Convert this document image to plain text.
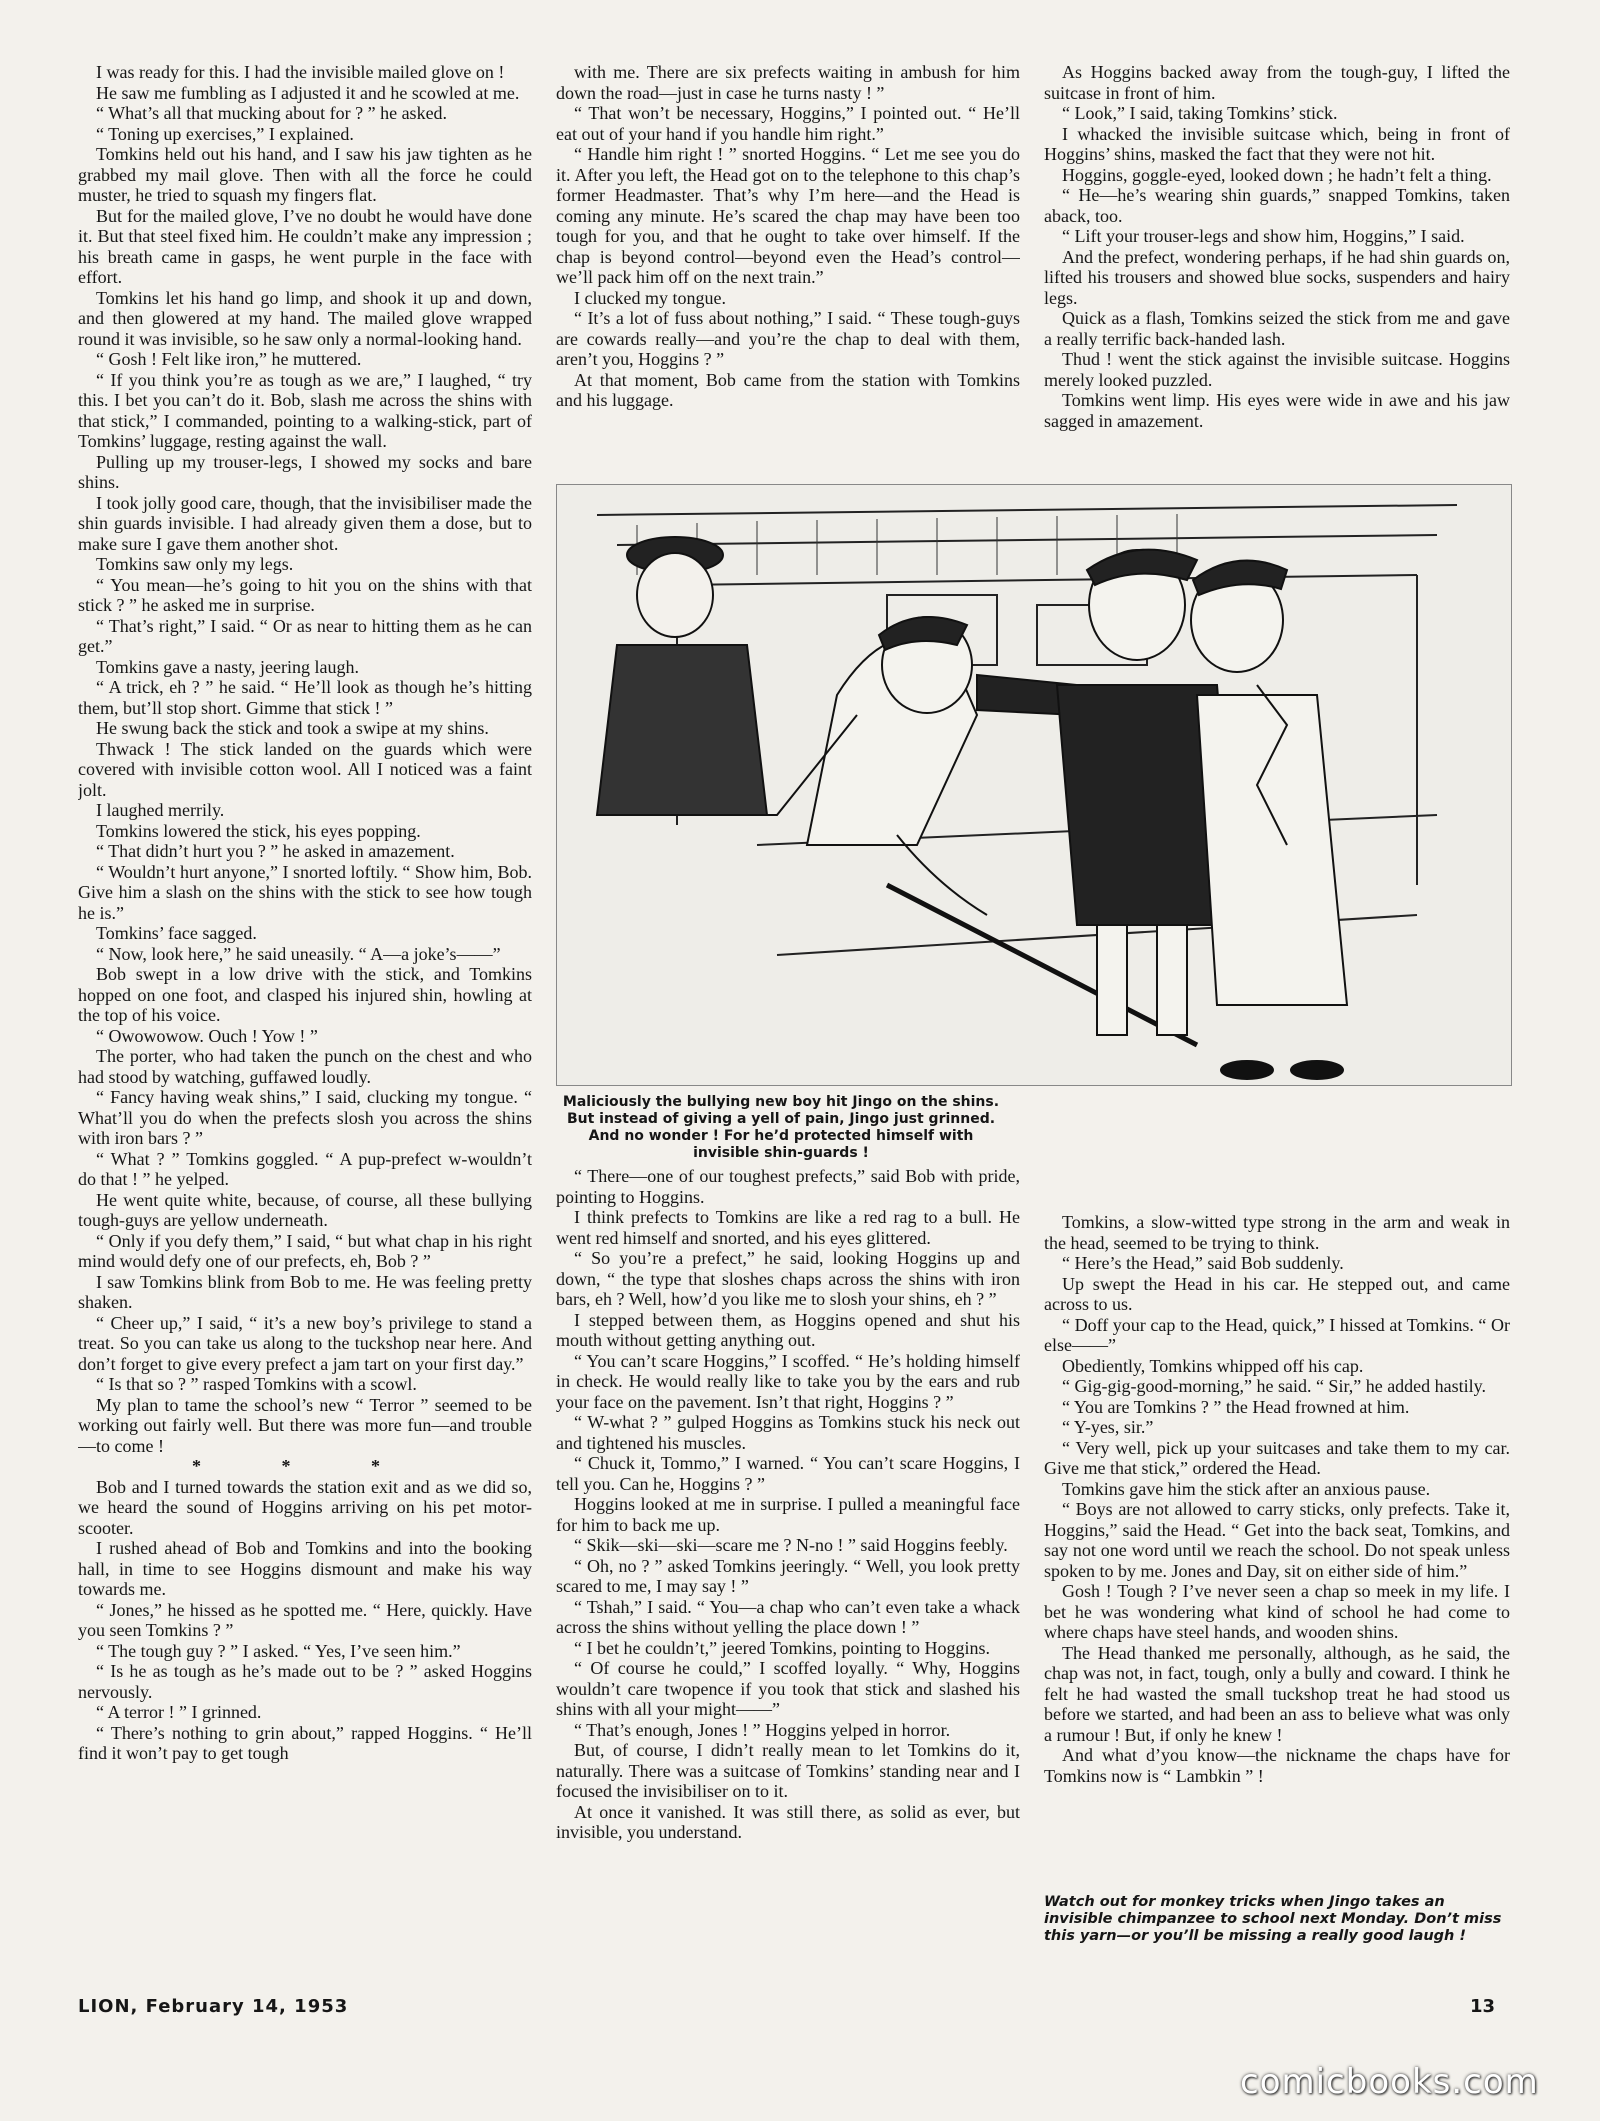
I was ready for this. I had the invisible mailed glove on !

He saw me fumbling as I adjusted it and he scowled at me.

“ What’s all that mucking about for ? ” he asked.

“ Toning up exercises,” I explained.

Tomkins held out his hand, and I saw his jaw tighten as he grabbed my mail glove. Then with all the force he could muster, he tried to squash my fingers flat.

But for the mailed glove, I’ve no doubt he would have done it. But that steel fixed him. He couldn’t make any impression ; his breath came in gasps, he went purple in the face with effort.

Tomkins let his hand go limp, and shook it up and down, and then glowered at my hand. The mailed glove wrapped round it was invisible, so he saw only a normal-looking hand.

“ Gosh ! Felt like iron,” he muttered.

“ If you think you’re as tough as we are,” I laughed, “ try this. I bet you can’t do it. Bob, slash me across the shins with that stick,” I commanded, pointing to a walking-stick, part of Tomkins’ luggage, resting against the wall.

Pulling up my trouser-legs, I showed my socks and bare shins.

I took jolly good care, though, that the invisibiliser made the shin guards invisible. I had already given them a dose, but to make sure I gave them another shot.

Tomkins saw only my legs.

“ You mean—he’s going to hit you on the shins with that stick ? ” he asked me in surprise.

“ That’s right,” I said. “ Or as near to hitting them as he can get.”

Tomkins gave a nasty, jeering laugh.

“ A trick, eh ? ” he said. “ He’ll look as though he’s hitting them, but’ll stop short. Gimme that stick ! ”

He swung back the stick and took a swipe at my shins.

Thwack ! The stick landed on the guards which were covered with invisible cotton wool. All I noticed was a faint jolt.

I laughed merrily.

Tomkins lowered the stick, his eyes popping.

“ That didn’t hurt you ? ” he asked in amazement.

“ Wouldn’t hurt anyone,” I snorted loftily. “ Show him, Bob. Give him a slash on the shins with the stick to see how tough he is.”

Tomkins’ face sagged.

“ Now, look here,” he said uneasily. “ A—a joke’s——”

Bob swept in a low drive with the stick, and Tomkins hopped on one foot, and clasped his injured shin, howling at the top of his voice.

“ Owowowow. Ouch ! Yow ! ”

The porter, who had taken the punch on the chest and who had stood by watching, guffawed loudly.

“ Fancy having weak shins,” I said, clucking my tongue. “ What’ll you do when the prefects slosh you across the shins with iron bars ? ”

“ What ? ” Tomkins goggled. “ A pup-prefect w-wouldn’t do that ! ” he yelped.

He went quite white, because, of course, all these bullying tough-guys are yellow underneath.

“ Only if you defy them,” I said, “ but what chap in his right mind would defy one of our prefects, eh, Bob ? ”

I saw Tomkins blink from Bob to me. He was feeling pretty shaken.

“ Cheer up,” I said, “ it’s a new boy’s privilege to stand a treat. So you can take us along to the tuckshop near here. And don’t forget to give every prefect a jam tart on your first day.”

“ Is that so ? ” rasped Tomkins with a scowl.

My plan to tame the school’s new “ Terror ” seemed to be working out fairly well. But there was more fun—and trouble—to come !

* * *

Bob and I turned towards the station exit and as we did so, we heard the sound of Hoggins arriving on his pet motor-scooter.

I rushed ahead of Bob and Tomkins and into the booking hall, in time to see Hoggins dismount and make his way towards me.

“ Jones,” he hissed as he spotted me. “ Here, quickly. Have you seen Tomkins ? ”

“ The tough guy ? ” I asked. “ Yes, I’ve seen him.”

“ Is he as tough as he’s made out to be ? ” asked Hoggins nervously.

“ A terror ! ” I grinned.

“ There’s nothing to grin about,” rapped Hoggins. “ He’ll find it won’t pay to get tough

with me. There are six prefects waiting in ambush for him down the road—just in case he turns nasty ! ”

“ That won’t be necessary, Hoggins,” I pointed out. “ He’ll eat out of your hand if you handle him right.”

“ Handle him right ! ” snorted Hoggins. “ Let me see you do it. After you left, the Head got on to the telephone to this chap’s former Headmaster. That’s why I’m here—and the Head is coming any minute. He’s scared the chap may have been too tough for you, and that he ought to take over himself. If the chap is beyond control—beyond even the Head’s control—we’ll pack him off on the next train.”

I clucked my tongue.

“ It’s a lot of fuss about nothing,” I said. “ These tough-guys are cowards really—and you’re the chap to deal with them, aren’t you, Hoggins ? ”

At that moment, Bob came from the station with Tomkins and his luggage.

“ There—one of our toughest prefects,” said Bob with pride, pointing to Hoggins.

I think prefects to Tomkins are like a red rag to a bull. He went red himself and snorted, and his eyes glittered.

“ So you’re a prefect,” he said, looking Hoggins up and down, “ the type that sloshes chaps across the shins with iron bars, eh ? Well, how’d you like me to slosh your shins, eh ? ”

I stepped between them, as Hoggins opened and shut his mouth without getting anything out.

“ You can’t scare Hoggins,” I scoffed. “ He’s holding himself in check. He would really like to take you by the ears and rub your face on the pavement. Isn’t that right, Hoggins ? ”

“ W-what ? ” gulped Hoggins as Tomkins stuck his neck out and tightened his muscles.

“ Chuck it, Tommo,” I warned. “ You can’t scare Hoggins, I tell you. Can he, Hoggins ? ”

Hoggins looked at me in surprise. I pulled a meaningful face for him to back me up.

“ Skik—ski—ski—scare me ? N-no ! ” said Hoggins feebly.

“ Oh, no ? ” asked Tomkins jeeringly. “ Well, you look pretty scared to me, I may say ! ”

“ Tshah,” I said. “ You—a chap who can’t even take a whack across the shins without yelling the place down ! ”

“ I bet he couldn’t,” jeered Tomkins, pointing to Hoggins.

“ Of course he could,” I scoffed loyally. “ Why, Hoggins wouldn’t care twopence if you took that stick and slashed his shins with all your might——”

“ That’s enough, Jones ! ” Hoggins yelped in horror.

But, of course, I didn’t really mean to let Tomkins do it, naturally. There was a suitcase of Tomkins’ standing near and I focused the invisibiliser on to it.

At once it vanished. It was still there, as solid as ever, but invisible, you understand.

As Hoggins backed away from the tough-guy, I lifted the suitcase in front of him.

“ Look,” I said, taking Tomkins’ stick.

I whacked the invisible suitcase which, being in front of Hoggins’ shins, masked the fact that they were not hit.

Hoggins, goggle-eyed, looked down ; he hadn’t felt a thing.

“ He—he’s wearing shin guards,” snapped Tomkins, taken aback, too.

“ Lift your trouser-legs and show him, Hoggins,” I said.

And the prefect, wondering perhaps, if he had shin guards on, lifted his trousers and showed blue socks, suspenders and hairy legs.

Quick as a flash, Tomkins seized the stick from me and gave a really terrific back-handed lash.

Thud ! went the stick against the invisible suitcase. Hoggins merely looked puzzled.

Tomkins went limp. His eyes were wide in awe and his jaw sagged in amazement.

Tomkins, a slow-witted type strong in the arm and weak in the head, seemed to be trying to think.

“ Here’s the Head,” said Bob suddenly.

Up swept the Head in his car. He stepped out, and came across to us.

“ Doff your cap to the Head, quick,” I hissed at Tomkins. “ Or else——”

Obediently, Tomkins whipped off his cap.

“ Gig-gig-good-morning,” he said. “ Sir,” he added hastily.

“ You are Tomkins ? ” the Head frowned at him.

“ Y-yes, sir.”

“ Very well, pick up your suitcases and take them to my car. Give me that stick,” ordered the Head.

Tomkins gave him the stick after an anxious pause.

“ Boys are not allowed to carry sticks, only prefects. Take it, Hoggins,” said the Head. “ Get into the back seat, Tomkins, and say not one word until we reach the school. Do not speak unless spoken to by me. Jones and Day, sit on either side of him.”

Gosh ! Tough ? I’ve never seen a chap so meek in my life. I bet he was wondering what kind of school he had come to where chaps have steel hands, and wooden shins.

The Head thanked me personally, although, as he said, the chap was not, in fact, tough, only a bully and coward. I think he felt he had wasted the small tuckshop treat he had stood us before we started, and had been an ass to believe what was only a rumour ! But, if only he knew !

And what d’you know—the nickname the chaps have for Tomkins now is “ Lambkin ” !

Maliciously the bullying new boy hit Jingo on the shins. But instead of giving a yell of pain, Jingo just grinned. And no wonder ! For he’d protected himself with invisible shin-guards !
Watch out for monkey tricks when Jingo takes an invisible chimpanzee to school next Monday. Don’t miss this yarn—or you’ll be missing a really good laugh !
LION, February 14, 1953	13
comicbooks.com
